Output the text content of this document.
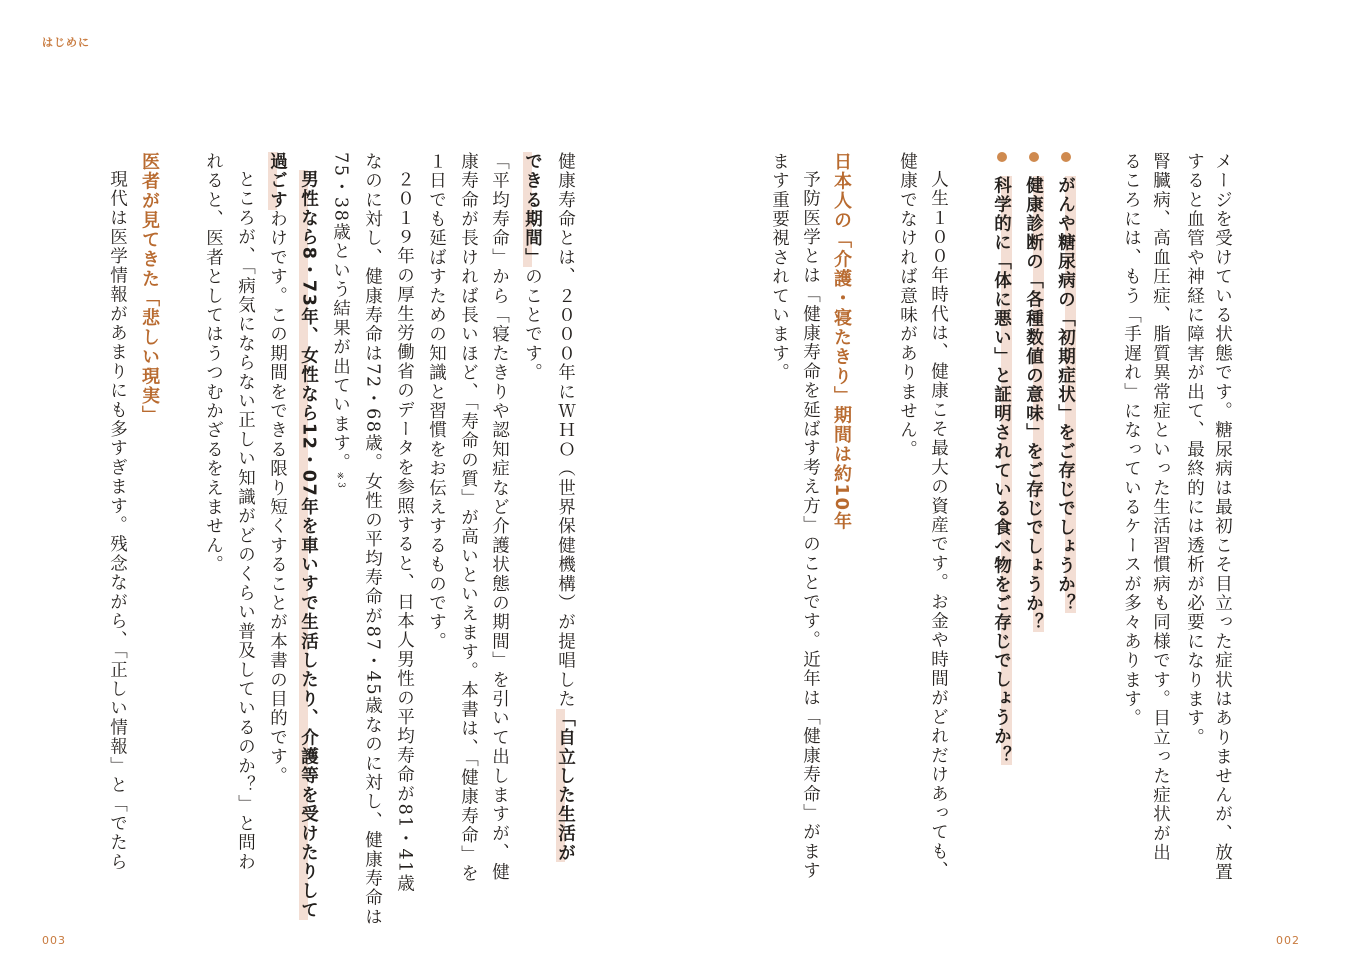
はじめに
メージを受けている状態です。糖尿病は最初こそ目立った症状はありませんが、放置
すると血管や神経に障害が出て、最終的には透析が必要になります。
腎臓病、高血圧症、脂質異常症といった生活習慣病も同様です。目立った症状が出
るころには、もう「手遅れ」になっているケースが多々あります。
がんや糖尿病の「初期症状」をご存じでしょうか？
健康診断の「各種数値の意味」をご存じでしょうか？
科学的に「体に悪い」と証明されている食べ物をご存じでしょうか？
人生１００年時代は、健康こそ最大の資産です。お金や時間がどれだけあっても、
健康でなければ意味がありません。
日本人の「介護・寝たきり」期間は約10年
予防医学とは「健康寿命を延ばす考え方」のことです。近年は「健康寿命」がます
ます重要視されています。
健康寿命とは、２０００年にＷＨＯ（世界保健機構）が提唱した「自立した生活が
できる期間」のことです。
「平均寿命」から「寝たきりや認知症など介護状態の期間」を引いて出しますが、健
康寿命が長ければ長いほど、「寿命の質」が高いといえます。本書は、「健康寿命」を
１日でも延ばすための知識と習慣をお伝えするものです。
２０１９年の厚生労働省のデータを参照すると、日本人男性の平均寿命が81・41歳
なのに対し、健康寿命は72・68歳。女性の平均寿命が87・45歳なのに対し、健康寿命は
75・38歳という結果が出ています。※3
男性なら8・73年、女性なら12・07年を車いすで生活したり、介護等を受けたりして
過ごすわけです。この期間をできる限り短くすることが本書の目的です。
ところが、「病気にならない正しい知識がどのくらい普及しているのか？」と問わ
れると、医者としてはうつむかざるをえません。
医者が見てきた「悲しい現実」
現代は医学情報があまりにも多すぎます。残念ながら、「正しい情報」と「でたら
003	002
